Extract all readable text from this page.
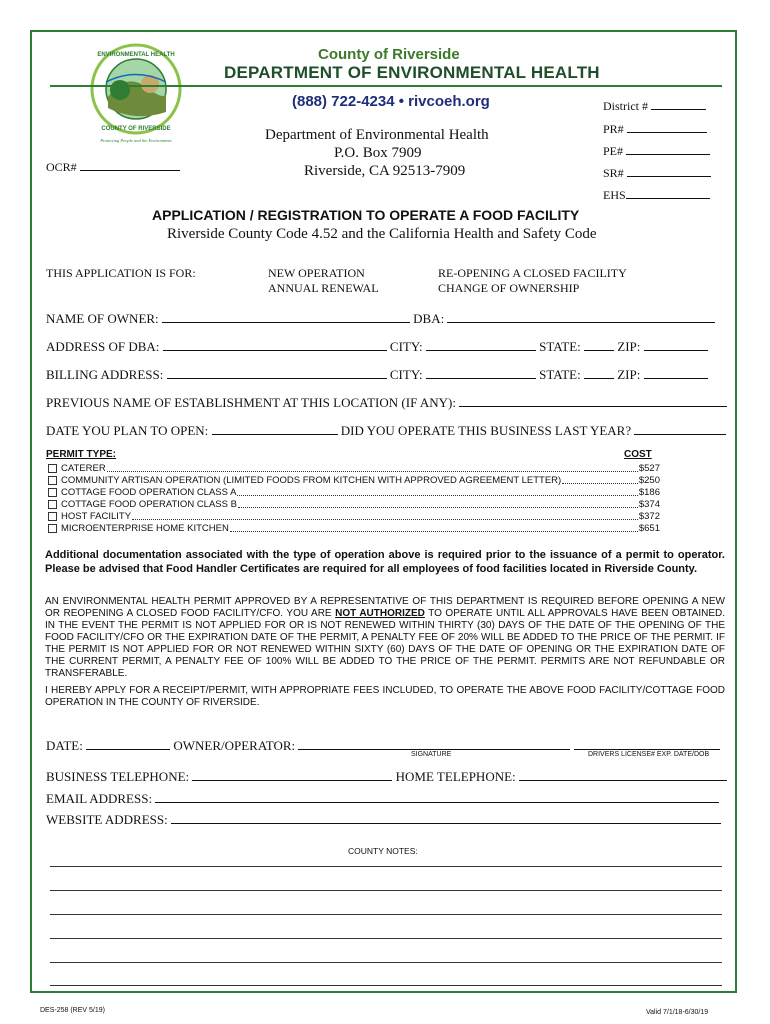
ENVIRONMENTAL HEALTH
COUNTY OF RIVERSIDE
Protecting People and the Environment
County of Riverside
DEPARTMENT OF ENVIRONMENTAL HEALTH
(888) 722-4234 • rivcoeh.org	District #
PR#
PE#
SR#
EHS
Department of Environmental Health
P.O. Box 7909
Riverside, CA 92513-7909
OCR#
APPLICATION / REGISTRATION TO OPERATE A FOOD FACILITY
Riverside County Code 4.52 and the California Health and Safety Code
THIS APPLICATION IS FOR:	NEW OPERATION
ANNUAL RENEWAL
RE-OPENING A CLOSED FACILITY
CHANGE OF OWNERSHIP
NAME OF OWNER:	DBA:
ADDRESS OF DBA:	CITY:	STATE:	ZIP:
BILLING ADDRESS:	CITY:	STATE:	ZIP:
PREVIOUS NAME OF ESTABLISHMENT AT THIS LOCATION (IF ANY):
DATE YOU PLAN TO OPEN:	DID YOU OPERATE THIS BUSINESS LAST YEAR?
PERMIT TYPE:	COST
CATERER	$527
COMMUNITY ARTISAN OPERATION (LIMITED FOODS FROM KITCHEN WITH APPROVED AGREEMENT LETTER)	$250
COTTAGE FOOD OPERATION CLASS A	$186
COTTAGE FOOD OPERATION CLASS B	$374
HOST FACILITY	$372
MICROENTERPRISE HOME KITCHEN	$651
Additional documentation associated with the type of operation above is required prior to the issuance of a permit to operator. Please be advised that Food Handler Certificates are required for all employees of food facilities located in Riverside County.
AN ENVIRONMENTAL HEALTH PERMIT APPROVED BY A REPRESENTATIVE OF THIS DEPARTMENT IS REQUIRED BEFORE OPENING A NEW OR REOPENING A CLOSED FOOD FACILITY/CFO. YOU ARE NOT AUTHORIZED TO OPERATE UNTIL ALL APPROVALS HAVE BEEN OBTAINED. IN THE EVENT THE PERMIT IS NOT APPLIED FOR OR IS NOT RENEWED WITHIN THIRTY (30) DAYS OF THE DATE OF THE OPENING OF THE FOOD FACILITY/CFO OR THE EXPIRATION DATE OF THE PERMIT, A PENALTY FEE OF 20% WILL BE ADDED TO THE PRICE OF THE PERMIT. IF THE PERMIT IS NOT APPLIED FOR OR NOT RENEWED WITHIN SIXTY (60) DAYS OF THE DATE OF OPENING OR THE EXPIRATION DATE OF THE CURRENT PERMIT, A PENALTY FEE OF 100% WILL BE ADDED TO THE PRICE OF THE PERMIT. PERMITS ARE NOT REFUNDABLE OR TRANSFERABLE.
I HEREBY APPLY FOR A RECEIPT/PERMIT, WITH APPROPRIATE FEES INCLUDED, TO OPERATE THE ABOVE FOOD FACILITY/COTTAGE FOOD OPERATION IN THE COUNTY OF RIVERSIDE.
DATE:	OWNER/OPERATOR:
SIGNATURE	DRIVERS LICENSE# EXP. DATE/DOB
BUSINESS TELEPHONE:	HOME TELEPHONE:
EMAIL ADDRESS:
WEBSITE ADDRESS:
COUNTY NOTES:
DES-258 (REV 5/19)	Valid 7/1/18-6/30/19
